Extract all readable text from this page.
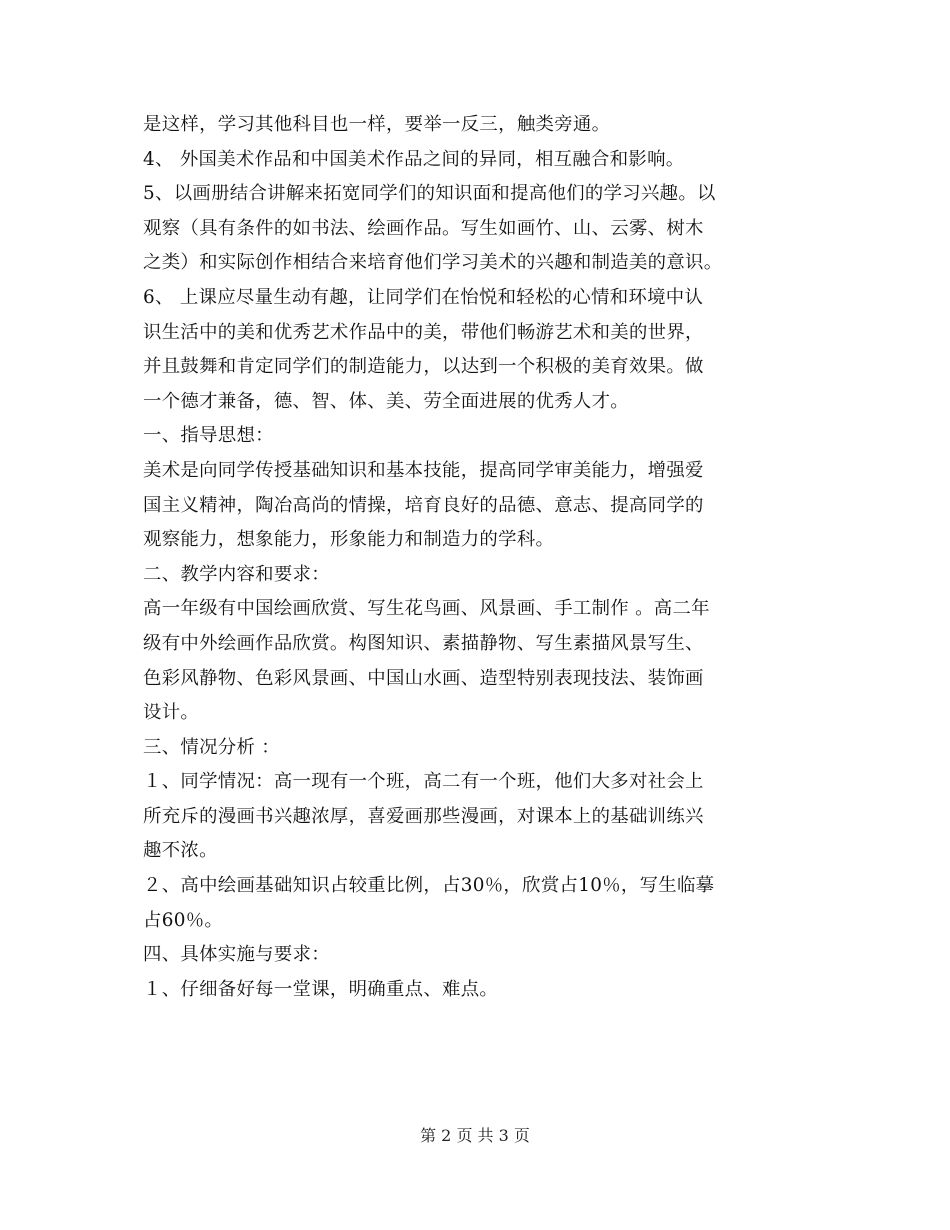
是这样，学习其他科目也一样，要举一反三，触类旁通。
4、 外国美术作品和中国美术作品之间的异同，相互融合和影响。
5、以画册结合讲解来拓宽同学们的知识面和提高他们的学习兴趣。以
观察（具有条件的如书法、绘画作品。写生如画竹、山、云雾、树木
之类）和实际创作相结合来培育他们学习美术的兴趣和制造美的意识。
6、 上课应尽量生动有趣，让同学们在怡悦和轻松的心情和环境中认
识生活中的美和优秀艺术作品中的美，带他们畅游艺术和美的世界，
并且鼓舞和肯定同学们的制造能力，以达到一个积极的美育效果。做
一个德才兼备，德、智、体、美、劳全面进展的优秀人才。
一、指导思想：
美术是向同学传授基础知识和基本技能，提高同学审美能力，增强爱
国主义精神，陶冶高尚的情操，培育良好的品德、意志、提高同学的
观察能力，想象能力，形象能力和制造力的学科。
二、教学内容和要求：
高一年级有中国绘画欣赏、写生花鸟画、风景画、手工制作 。高二年
级有中外绘画作品欣赏。构图知识、素描静物、写生素描风景写生、
色彩风静物、色彩风景画、中国山水画、造型特别表现技法、装饰画
设计。
三、情况分析 ：
１、同学情况：高一现有一个班，高二有一个班，他们大多对社会上
所充斥的漫画书兴趣浓厚，喜爱画那些漫画，对课本上的基础训练兴
趣不浓。
２、高中绘画基础知识占较重比例，占30％，欣赏占10％，写生临摹
占60％。
四、具体实施与要求：
１、仔细备好每一堂课，明确重点、难点。
第 2 页 共 3 页
